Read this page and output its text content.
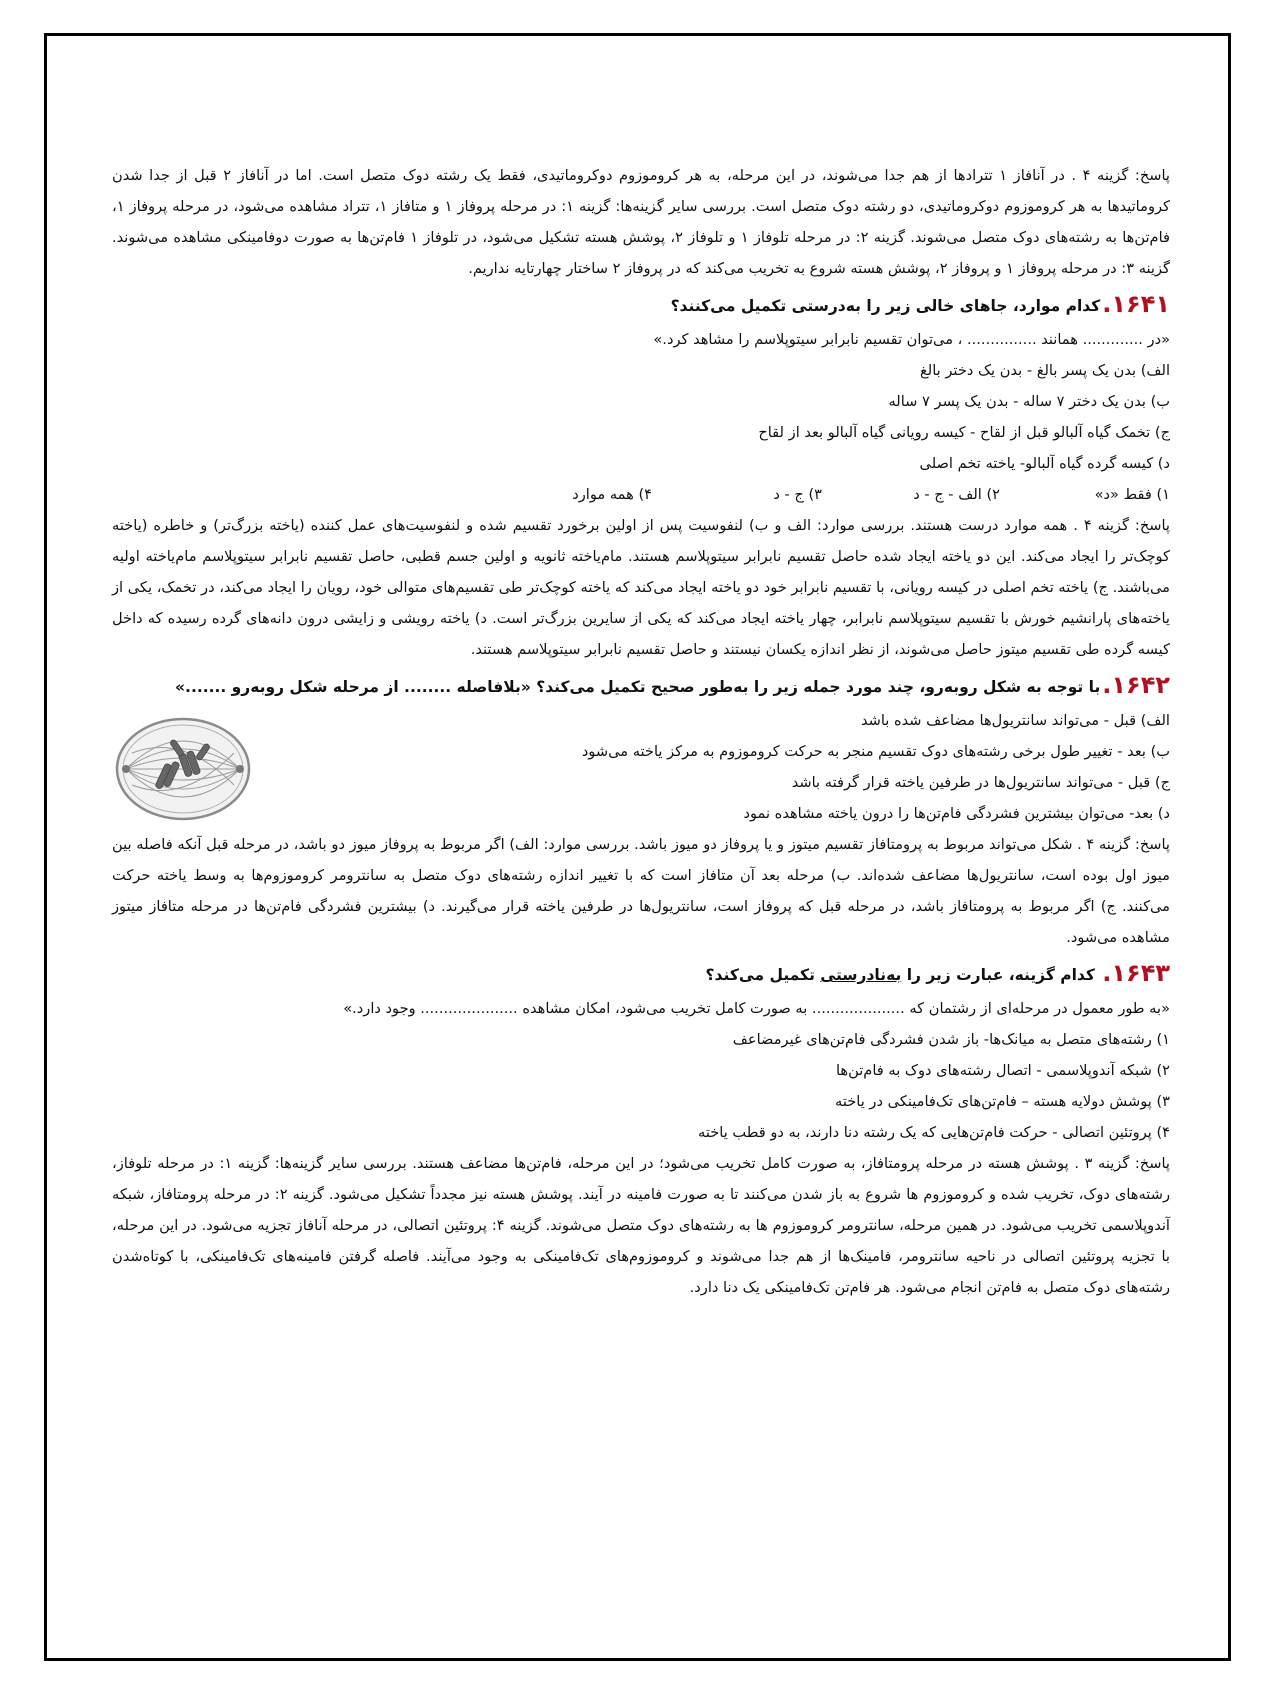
پاسخ: گزینه ۴ . در آنافاز ۱ تترادها از هم جدا می‌شوند، در این مرحله، به هر کروموزوم دوکروماتیدی، فقط یک رشته دوک متصل است. اما در آنافاز ۲ قبل از جدا شدن کروماتیدها به هر کروموزوم دوکروماتیدی، دو رشته دوک متصل است. بررسی سایر گزینه‌ها: گزینه ۱: در مرحله پروفاز ۱ و متافاز ۱، تتراد مشاهده می‌شود، در مرحله پروفاز ۱، فام‌تن‌ها به رشته‌های دوک متصل می‌شوند. گزینه ۲: در مرحله تلوفاز ۱ و تلوفاز ۲، پوشش هسته تشکیل می‌شود، در تلوفاز ۱ فام‌تن‌ها به صورت دوفامینکی مشاهده می‌شوند. گزینه ۳: در مرحله پروفاز ۱ و پروفاز ۲، پوشش هسته شروع به تخریب می‌کند که در پروفاز ۲ ساختار چهارتایه نداریم.

۱۶۴۱.کدام موارد، جاهای خالی زیر را به‌درستی تکمیل می‌کنند؟

«در ............. همانند ............... ، می‌توان تقسیم نابرابر سیتوپلاسم را مشاهد کرد.»

الف) بدن یک پسر بالغ - بدن یک دختر بالغ

ب) بدن یک دختر ۷ ساله - بدن یک پسر ۷ ساله

ج) تخمک گیاه آلبالو قبل از لقاح - کیسه رویانی گیاه آلبالو بعد از لقاح

د) کیسه گرده گیاه آلبالو- یاخته تخم اصلی

۱) فقط «د»
۲) الف - ج - د
۳) ج - د
۴) همه موارد

پاسخ: گزینه ۴ . همه موارد درست هستند. بررسی موارد: الف و ب) لنفوسیت پس از اولین برخورد تقسیم شده و لنفوسیت‌های عمل کننده (یاخته بزرگ‌تر) و خاطره (یاخته کوچک‌تر را ایجاد می‌کند. این دو یاخته ایجاد شده حاصل تقسیم نابرابر سیتوپلاسم هستند. مام‌یاخته ثانویه و اولین جسم قطبی، حاصل تقسیم نابرابر سیتوپلاسم مام‌یاخته اولیه می‌باشند. ج) یاخته تخم اصلی در کیسه رویانی، با تقسیم نابرابر خود دو یاخته ایجاد می‌کند که یاخته کوچک‌تر طی تقسیم‌های متوالی خود، رویان را ایجاد می‌کند، در تخمک، یکی از یاخته‌های پارانشیم خورش با تقسیم سیتوپلاسم نابرابر، چهار یاخته ایجاد می‌کند که یکی از سایرین بزرگ‌تر است. د) یاخته رویشی و زایشی درون دانه‌های گرده رسیده که داخل کیسه گرده طی تقسیم میتوز حاصل می‌شوند، از نظر اندازه یکسان نیستند و حاصل تقسیم نابرابر سیتوپلاسم هستند.

۱۶۴۲.با توجه به شکل روبه‌رو، چند مورد جمله زیر را به‌طور صحیح تکمیل می‌کند؟ «بلافاصله ........ از مرحله شکل روبه‌رو .......»

الف) قبل - می‌تواند سانتریول‌ها مضاعف شده باشد

ب) بعد - تغییر طول برخی رشته‌های دوک تقسیم منجر به حرکت کروموزوم به مرکز یاخته می‌شود

ج) قبل - می‌تواند سانتریول‌ها در طرفین یاخته قرار گرفته باشد

د) بعد- می‌توان بیشترین فشردگی فام‌تن‌ها را درون یاخته مشاهده نمود

پاسخ: گزینه ۴ . شکل می‌تواند مربوط به پرومتافاز تقسیم میتوز و یا پروفاز دو میوز باشد. بررسی موارد: الف) اگر مربوط به پروفاز میوز دو باشد، در مرحله قبل آنکه فاصله بین میوز اول بوده است، سانتریول‌ها مضاعف شده‌اند. ب) مرحله بعد آن متافاز است که با تغییر اندازه رشته‌های دوک متصل به سانترومر کروموزوم‌ها به وسط یاخته حرکت می‌کنند. ج) اگر مربوط به پرومتافاز باشد، در مرحله قبل که پروفاز است، سانتریول‌ها در طرفین یاخته قرار می‌گیرند. د) بیشترین فشردگی فام‌تن‌ها در مرحله متافاز میتوز مشاهده می‌شود.

۱۶۴۳. کدام گزینه، عبارت زیر را به‌نادرستی تکمیل می‌کند؟

«به طور معمول در مرحله‌ای از رشتمان که .................... به صورت کامل تخریب می‌شود، امکان مشاهده ..................... وجود دارد.»

۱) رشته‌های متصل به میانک‌ها- باز شدن فشردگی فام‌تن‌های غیرمضاعف

۲) شبکه آندوپلاسمی - اتصال رشته‌های دوک به فام‌تن‌ها

۳) پوشش دولایه هسته – فام‌تن‌های تک‌فامینکی در یاخته

۴) پروتئین اتصالی - حرکت فام‌تن‌هایی که یک رشته دنا دارند، به دو قطب یاخته

پاسخ: گزینه ۳ . پوشش هسته در مرحله پرومتافاز، به صورت کامل تخریب می‌شود؛ در این مرحله، فام‌تن‌ها مضاعف هستند. بررسی سایر گزینه‌ها: گزینه ۱: در مرحله تلوفاز، رشته‌های دوک، تخریب شده و کروموزوم ها شروع به باز شدن می‌کنند تا به صورت فامینه در آیند. پوشش هسته نیز مجدداً تشکیل می‌شود. گزینه ۲: در مرحله پرومتافاز، شبکه آندوپلاسمی تخریب می‌شود. در همین مرحله، سانترومر کروموزوم ها به رشته‌های دوک متصل می‌شوند. گزینه ۴: پروتئین اتصالی، در مرحله آنافاز تجزیه می‌شود. در این مرحله، با تجزیه پروتئین اتصالی در ناحیه سانترومر، فامینک‌ها از هم جدا می‌شوند و کروموزوم‌های تک‌فامینکی به وجود می‌آیند. فاصله گرفتن فامینه‌های تک‌فامینکی، با کوتاه‌شدن رشته‌های دوک متصل به فام‌تن انجام می‌شود. هر فام‌تن تک‌فامینکی یک دنا دارد.
